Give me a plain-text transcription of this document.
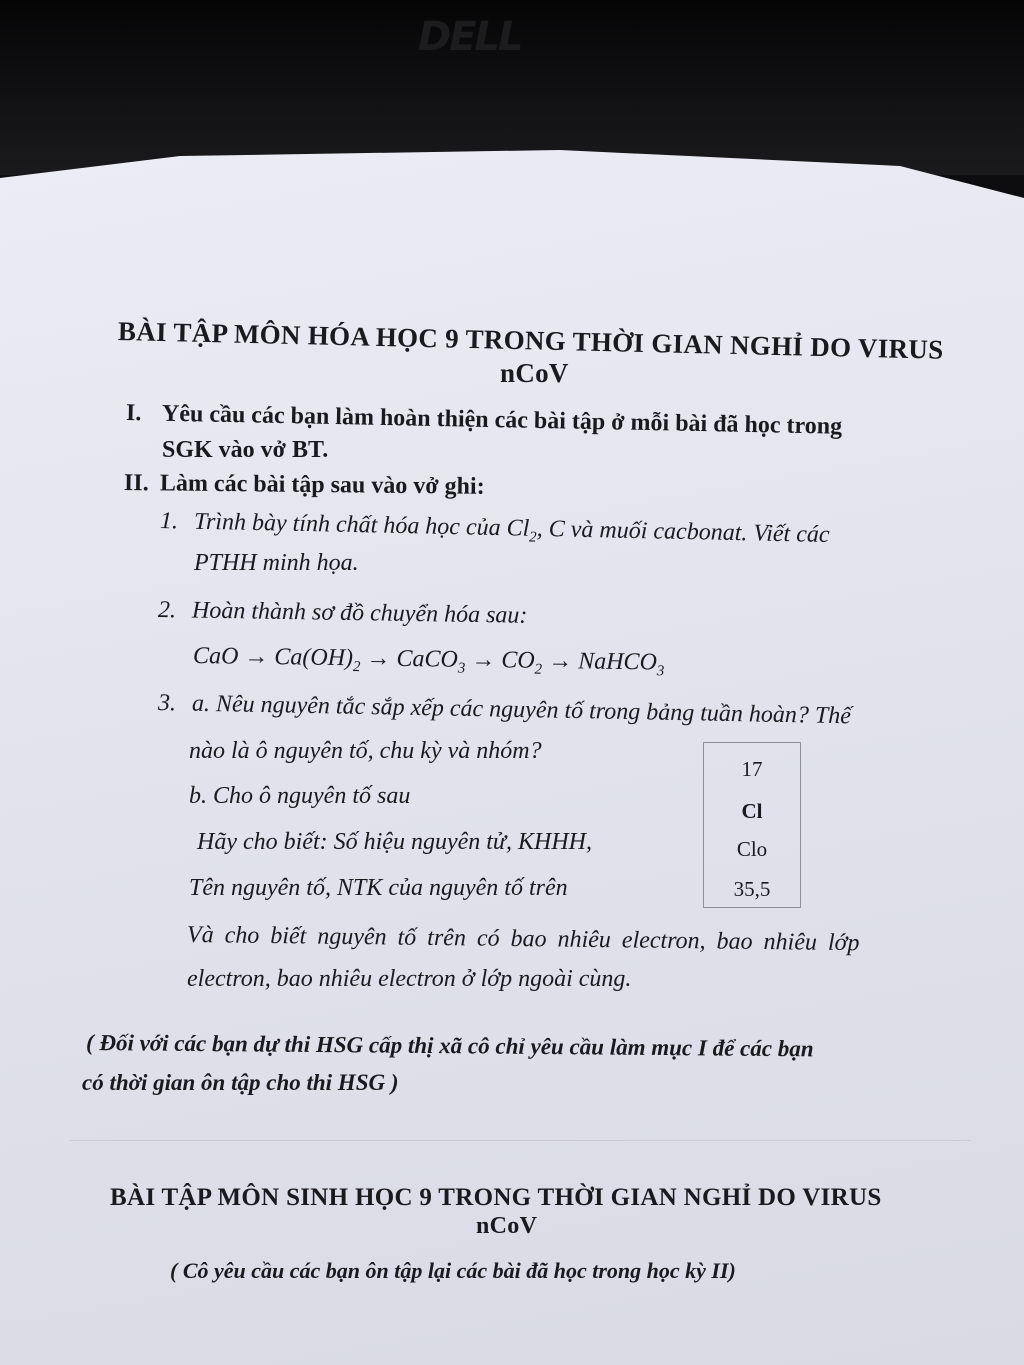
DELL
BÀI TẬP MÔN HÓA HỌC 9 TRONG THỜI GIAN NGHỈ DO VIRUS
nCoV
I. Yêu cầu các bạn làm hoàn thiện các bài tập ở mỗi bài đã học trong
SGK vào vở BT.
II. Làm các bài tập sau vào vở ghi:
1. Trình bày tính chất hóa học của $Cl_2$, C và muối cacbonat. Viết các
PTHH minh họa.
2. Hoàn thành sơ đồ chuyển hóa sau:
CaO → $Ca(OH)_2$ → CaCO$_3$ → $CO_2$ → NaHCO$_3$
3. a. Nêu nguyên tắc sắp xếp các nguyên tố trong bảng tuần hoàn? Thế
nào là ô nguyên tố, chu kỳ và nhóm?
b. Cho ô nguyên tố sau
Hãy cho biết: Số hiệu nguyên tử, KHHH,
Tên nguyên tố, NTK của nguyên tố trên
Và cho biết nguyên tố trên có bao nhiêu electron, bao nhiêu lớp
electron, bao nhiêu electron ở lớp ngoài cùng.
17
Cl
Clo
35,5
( Đối với các bạn dự thi HSG cấp thị xã cô chỉ yêu cầu làm mục I để các bạn
có thời gian ôn tập cho thi HSG )
BÀI TẬP MÔN SINH HỌC 9 TRONG THỜI GIAN NGHỈ DO VIRUS
nCoV
( Cô yêu cầu các bạn ôn tập lại các bài đã học trong học kỳ II)
